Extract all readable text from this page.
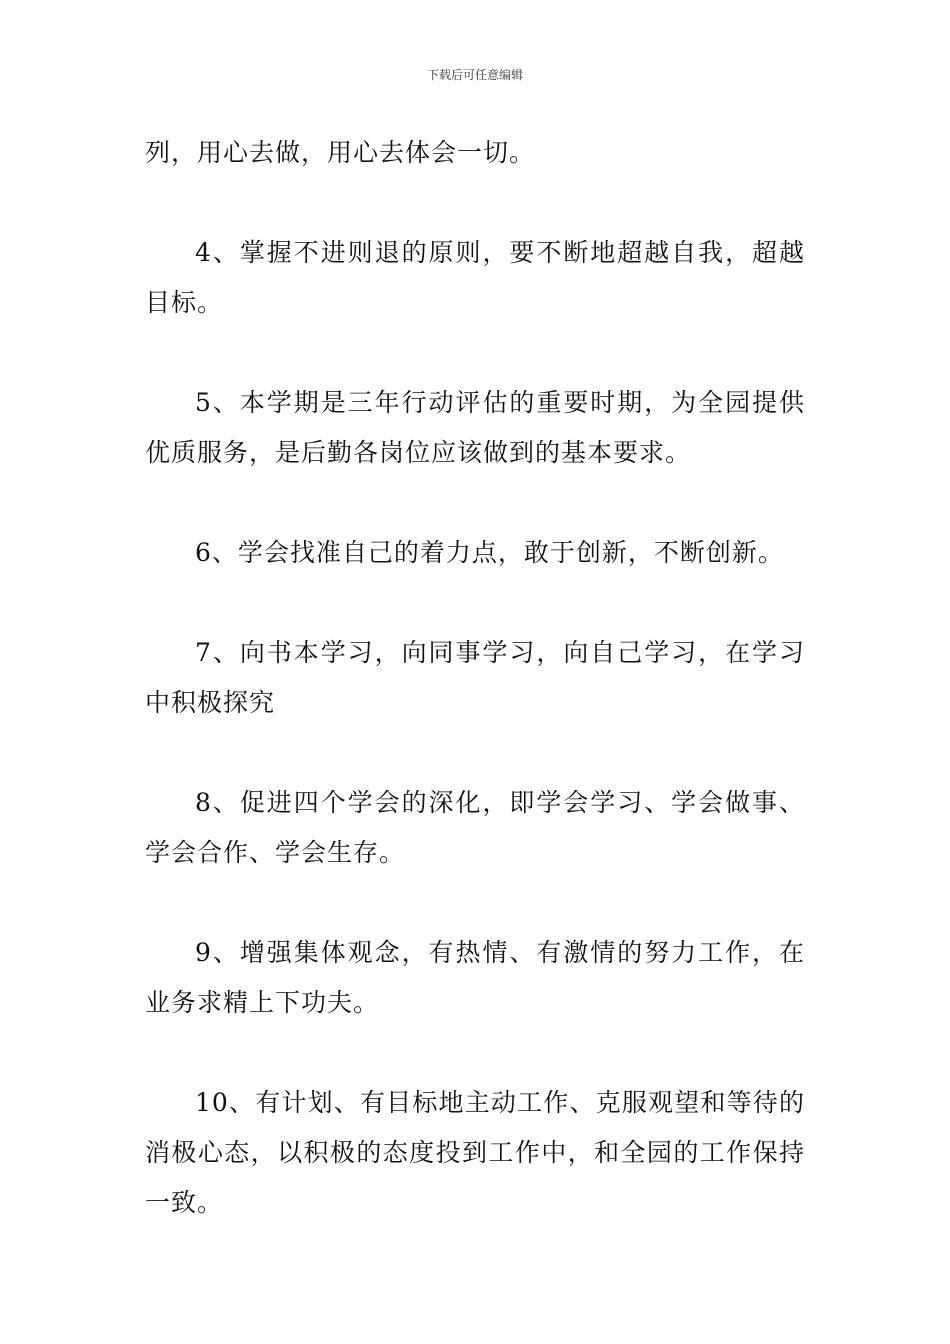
下载后可任意编辑

列，用心去做，用心去体会一切。

4、掌握不进则退的原则，要不断地超越自我，超越目标。

5、本学期是三年行动评估的重要时期，为全园提供优质服务，是后勤各岗位应该做到的基本要求。

6、学会找准自己的着力点，敢于创新，不断创新。

7、向书本学习，向同事学习，向自己学习，在学习中积极探究

8、促进四个学会的深化，即学会学习、学会做事、学会合作、学会生存。

9、增强集体观念，有热情、有激情的努力工作，在业务求精上下功夫。

10、有计划、有目标地主动工作、克服观望和等待的消极心态，以积极的态度投到工作中，和全园的工作保持一致。
